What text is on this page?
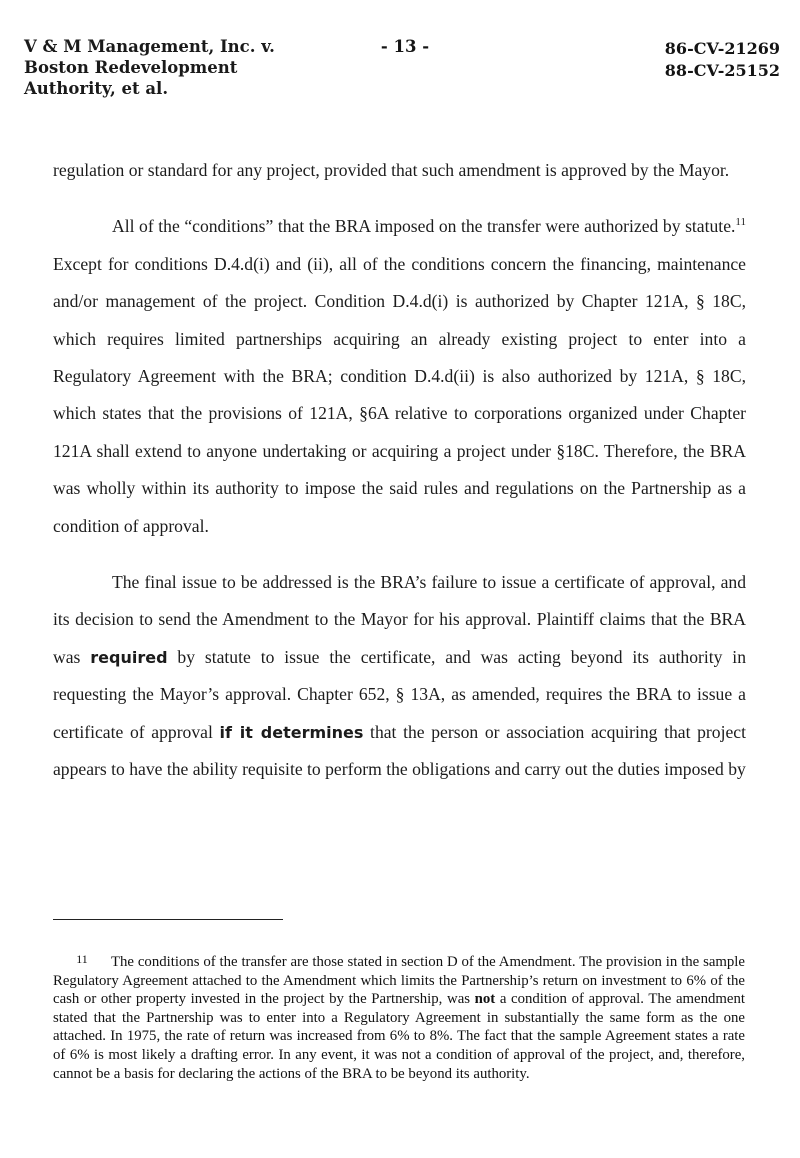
V & M Management, Inc. v.
Boston Redevelopment
Authority, et al.
- 13 -	86-CV-21269
88-CV-25152

regulation or standard for any project, provided that such amendment is approved by the Mayor.

All of the “conditions” that the BRA imposed on the transfer were authorized by statute.$^{11}$ Except for conditions D.4.d(i) and (ii), all of the conditions concern the financing, maintenance and/or management of the project. Condition D.4.d(i) is authorized by Chapter 121A, § 18C, which requires limited partnerships acquiring an already existing project to enter into a Regulatory Agreement with the BRA; condition D.4.d(ii) is also authorized by 121A, § 18C, which states that the provisions of 121A, §6A relative to corporations organized under Chapter 121A shall extend to anyone undertaking or acquiring a project under §18C. Therefore, the BRA was wholly within its authority to impose the said rules and regulations on the Partnership as a condition of approval.

The final issue to be addressed is the BRA’s failure to issue a certificate of approval, and its decision to send the Amendment to the Mayor for his approval. Plaintiff claims that the BRA was required by statute to issue the certificate, and was acting beyond its authority in requesting the Mayor’s approval. Chapter 652, § 13A, as amended, requires the BRA to issue a certificate of approval if it determines that the person or association acquiring that project appears to have the ability requisite to perform the obligations and carry out the duties imposed by

11 The conditions of the transfer are those stated in section D of the Amendment. The provision in the sample Regulatory Agreement attached to the Amendment which limits the Partnership’s return on investment to 6% of the cash or other property invested in the project by the Partnership, was not a condition of approval. The amendment stated that the Partnership was to enter into a Regulatory Agreement in substantially the same form as the one attached. In 1975, the rate of return was increased from 6% to 8%. The fact that the sample Agreement states a rate of 6% is most likely a drafting error. In any event, it was not a condition of approval of the project, and, therefore, cannot be a basis for declaring the actions of the BRA to be beyond its authority.
